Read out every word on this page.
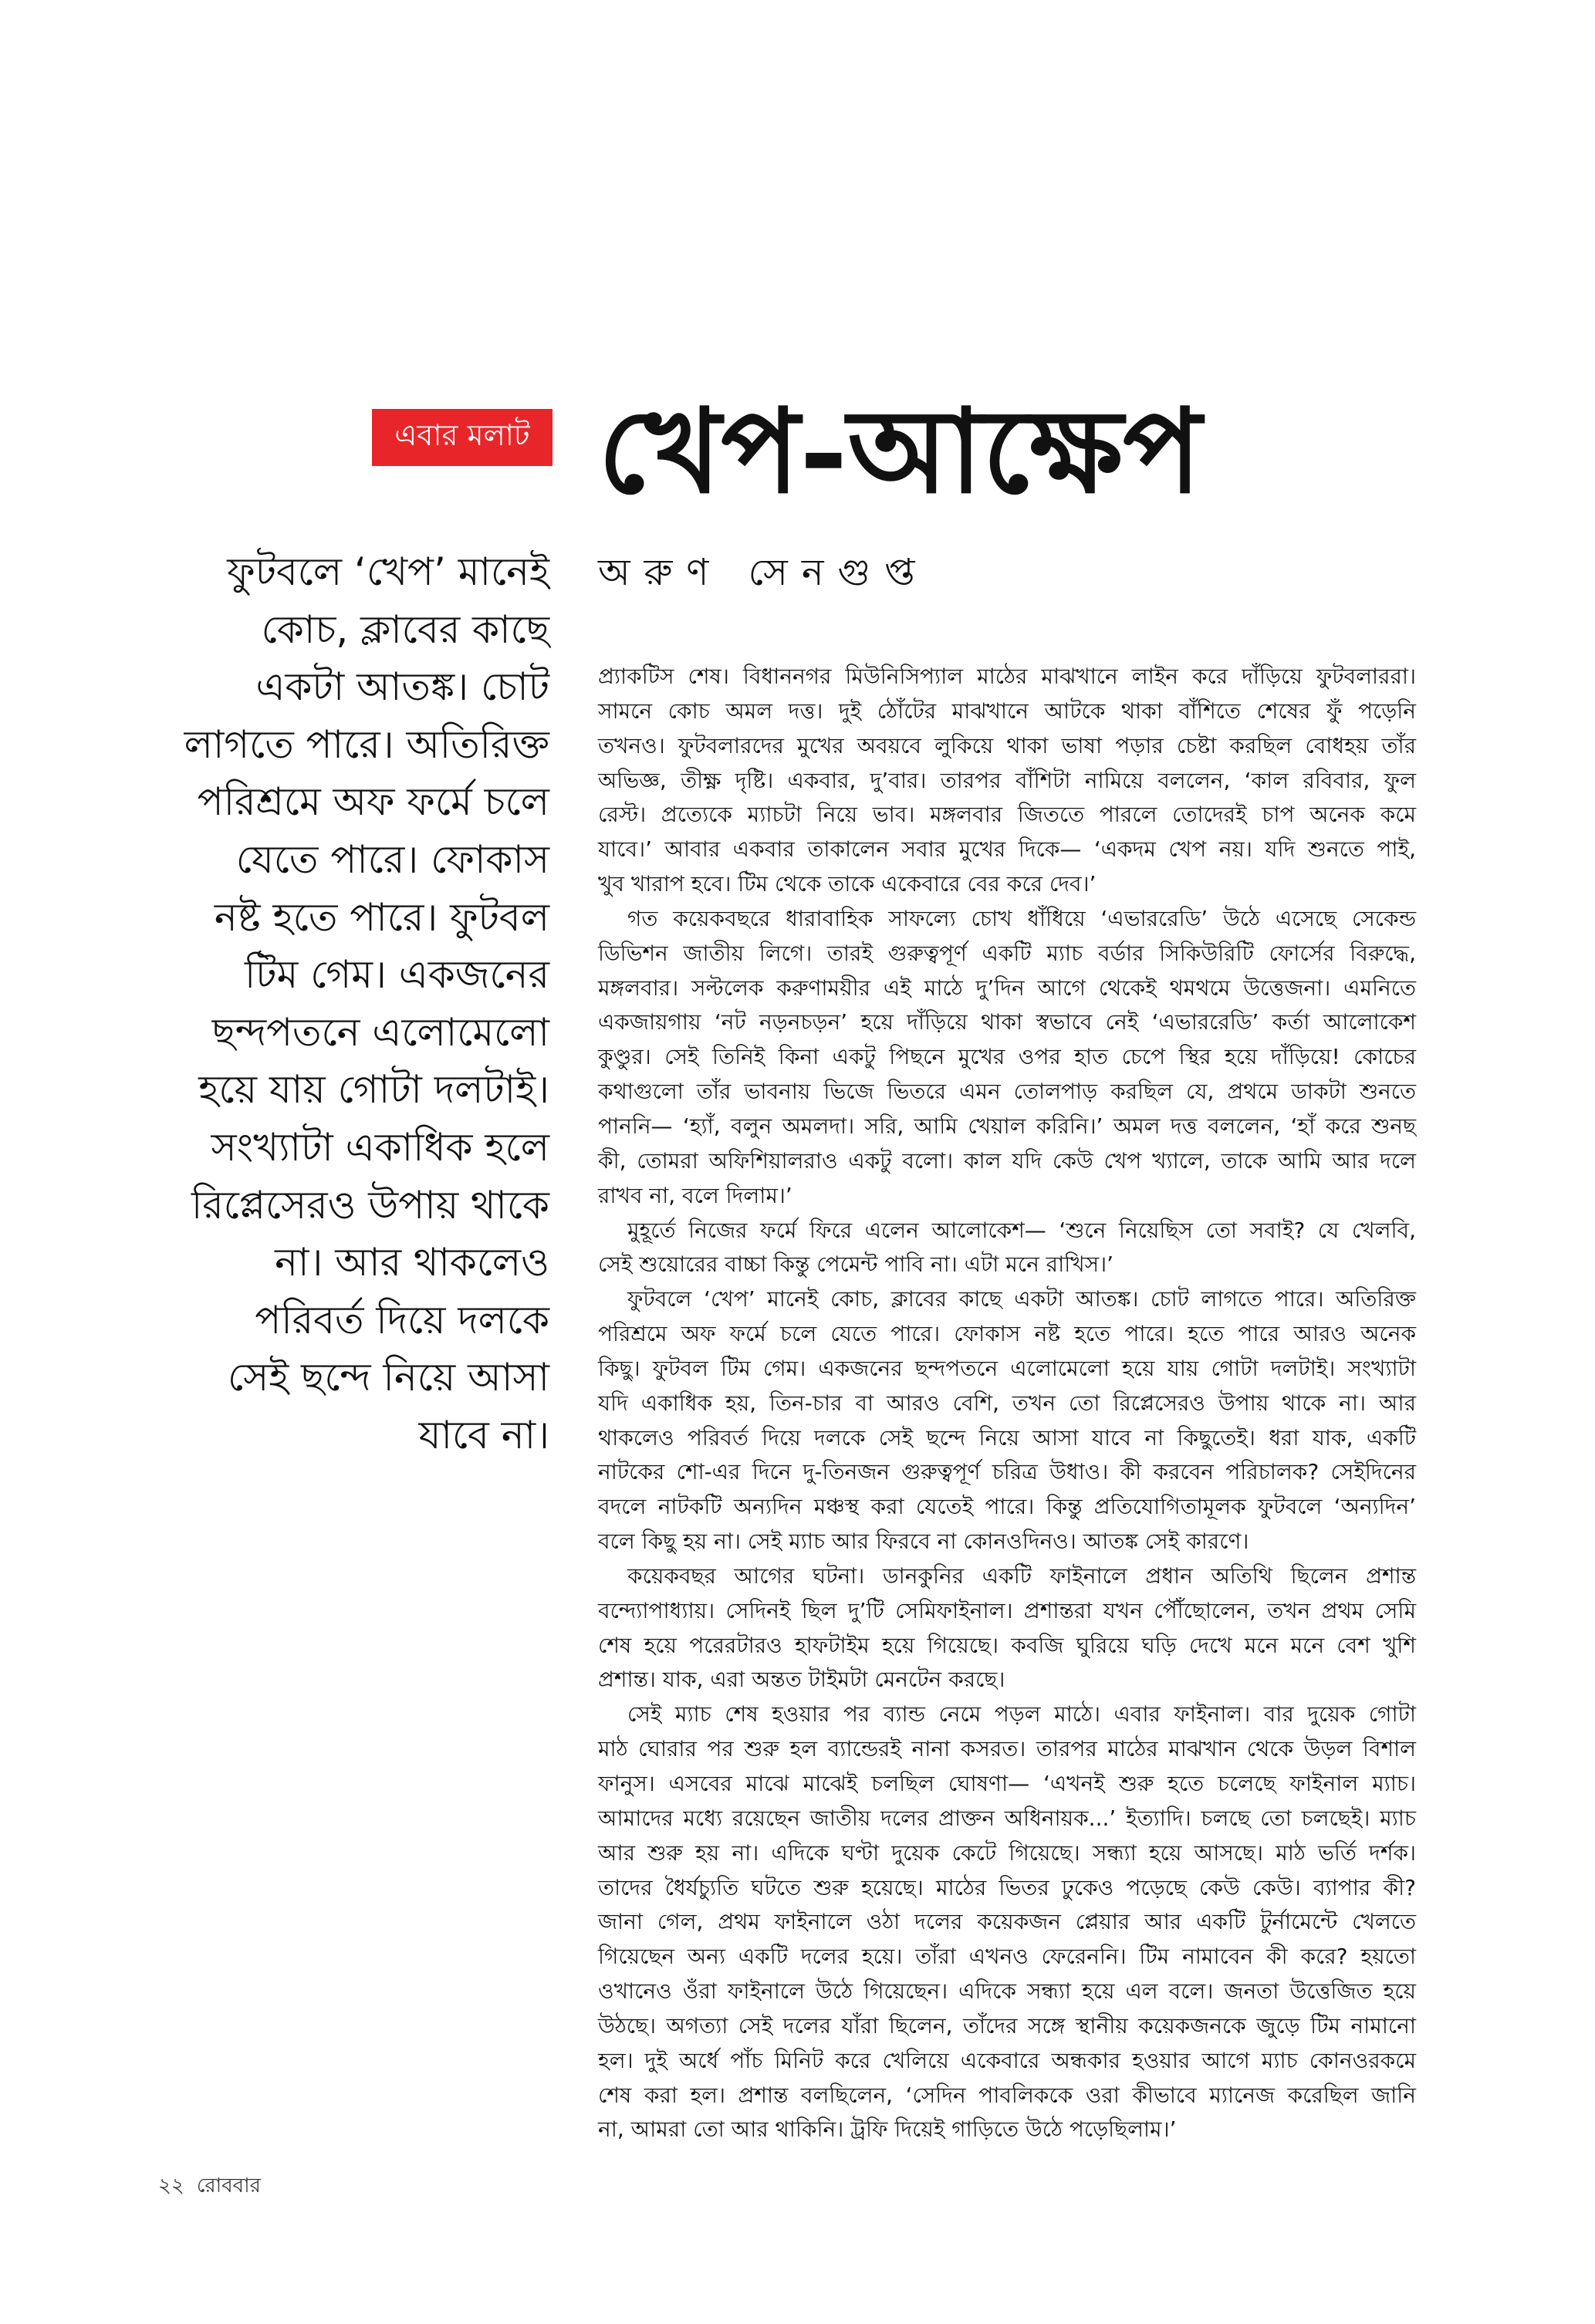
এবার মলাট খেপ-আক্ষেপ
অরুণ সেনগুপ্ত
ফুটবলে ‘খেপ’ মানেই
কোচ, ক্লাবের কাছে
একটা আতঙ্ক। চোট
লাগতে পারে। অতিরিক্ত
পরিশ্রমে অফ ফর্মে চলে
যেতে পারে। ফোকাস
নষ্ট হতে পারে। ফুটবল
টিম গেম। একজনের
ছন্দপতনে এলোমেলো
হয়ে যায় গোটা দলটাই।
সংখ্যাটা একাধিক হলে
রিপ্লেসেরও উপায় থাকে
না। আর থাকলেও
পরিবর্ত দিয়ে দলকে
সেই ছন্দে নিয়ে আসা
যাবে না।
প্র্যাকটিস শেষ। বিধাননগর মিউনিসিপ্যাল মাঠের মাঝখানে লাইন করে দাঁড়িয়ে ফুটবলাররা।
সামনে কোচ অমল দত্ত। দুই ঠোঁটের মাঝখানে আটকে থাকা বাঁশিতে শেষের ফুঁ পড়েনি
তখনও। ফুটবলারদের মুখের অবয়বে লুকিয়ে থাকা ভাষা পড়ার চেষ্টা করছিল বোধহয় তাঁর
অভিজ্ঞ, তীক্ষ্ণ দৃষ্টি। একবার, দু’বার। তারপর বাঁশিটা নামিয়ে বললেন, ‘কাল রবিবার, ফুল
রেস্ট। প্রত্যেকে ম্যাচটা নিয়ে ভাব। মঙ্গলবার জিততে পারলে তোদেরই চাপ অনেক কমে
যাবে।’ আবার একবার তাকালেন সবার মুখের দিকে— ‘একদম খেপ নয়। যদি শুনতে পাই,
খুব খারাপ হবে। টিম থেকে তাকে একেবারে বের করে দেব।’
গত কয়েকবছরে ধারাবাহিক সাফল্যে চোখ ধাঁধিয়ে ‘এভাররেডি’ উঠে এসেছে সেকেন্ড
ডিভিশন জাতীয় লিগে। তারই গুরুত্বপূর্ণ একটি ম্যাচ বর্ডার সিকিউরিটি ফোর্সের বিরুদ্ধে,
মঙ্গলবার। সল্টলেক করুণাময়ীর এই মাঠে দু’দিন আগে থেকেই থমথমে উত্তেজনা। এমনিতে
একজায়গায় ‘নট নড়নচড়ন’ হয়ে দাঁড়িয়ে থাকা স্বভাবে নেই ‘এভাররেডি’ কর্তা আলোকেশ
কুণ্ডুর। সেই তিনিই কিনা একটু পিছনে মুখের ওপর হাত চেপে স্থির হয়ে দাঁড়িয়ে! কোচের
কথাগুলো তাঁর ভাবনায় ভিজে ভিতরে এমন তোলপাড় করছিল যে, প্রথমে ডাকটা শুনতে
পাননি— ‘হ্যাঁ, বলুন অমলদা। সরি, আমি খেয়াল করিনি।’ অমল দত্ত বললেন, ‘হাঁ করে শুনছ
কী, তোমরা অফিশিয়ালরাও একটু বলো। কাল যদি কেউ খেপ খ্যালে, তাকে আমি আর দলে
রাখব না, বলে দিলাম।’
মুহূর্তে নিজের ফর্মে ফিরে এলেন আলোকেশ— ‘শুনে নিয়েছিস তো সবাই? যে খেলবি,
সেই শুয়োরের বাচ্চা কিন্তু পেমেন্ট পাবি না। এটা মনে রাখিস।’
ফুটবলে ‘খেপ’ মানেই কোচ, ক্লাবের কাছে একটা আতঙ্ক। চোট লাগতে পারে। অতিরিক্ত
পরিশ্রমে অফ ফর্মে চলে যেতে পারে। ফোকাস নষ্ট হতে পারে। হতে পারে আরও অনেক
কিছু। ফুটবল টিম গেম। একজনের ছন্দপতনে এলোমেলো হয়ে যায় গোটা দলটাই। সংখ্যাটা
যদি একাধিক হয়, তিন-চার বা আরও বেশি, তখন তো রিপ্লেসেরও উপায় থাকে না। আর
থাকলেও পরিবর্ত দিয়ে দলকে সেই ছন্দে নিয়ে আসা যাবে না কিছুতেই। ধরা যাক, একটি
নাটকের শো-এর দিনে দু-তিনজন গুরুত্বপূর্ণ চরিত্র উধাও। কী করবেন পরিচালক? সেইদিনের
বদলে নাটকটি অন্যদিন মঞ্চস্থ করা যেতেই পারে। কিন্তু প্রতিযোগিতামূলক ফুটবলে ‘অন্যদিন’
বলে কিছু হয় না। সেই ম্যাচ আর ফিরবে না কোনওদিনও। আতঙ্ক সেই কারণে।
কয়েকবছর আগের ঘটনা। ডানকুনির একটি ফাইনালে প্রধান অতিথি ছিলেন প্রশান্ত
বন্দ্যোপাধ্যায়। সেদিনই ছিল দু’টি সেমিফাইনাল। প্রশান্তরা যখন পৌঁছোলেন, তখন প্রথম সেমি
শেষ হয়ে পরেরটারও হাফটাইম হয়ে গিয়েছে। কবজি ঘুরিয়ে ঘড়ি দেখে মনে মনে বেশ খুশি
প্রশান্ত। যাক, এরা অন্তত টাইমটা মেনটেন করছে।
সেই ম্যাচ শেষ হওয়ার পর ব্যান্ড নেমে পড়ল মাঠে। এবার ফাইনাল। বার দুয়েক গোটা
মাঠ ঘোরার পর শুরু হল ব্যান্ডেরই নানা কসরত। তারপর মাঠের মাঝখান থেকে উড়ল বিশাল
ফানুস। এসবের মাঝে মাঝেই চলছিল ঘোষণা— ‘এখনই শুরু হতে চলেছে ফাইনাল ম্যাচ।
আমাদের মধ্যে রয়েছেন জাতীয় দলের প্রাক্তন অধিনায়ক...’ ইত্যাদি। চলছে তো চলছেই। ম্যাচ
আর শুরু হয় না। এদিকে ঘণ্টা দুয়েক কেটে গিয়েছে। সন্ধ্যা হয়ে আসছে। মাঠ ভর্তি দর্শক।
তাদের ধৈর্যচ্যুতি ঘটতে শুরু হয়েছে। মাঠের ভিতর ঢুকেও পড়েছে কেউ কেউ। ব্যাপার কী?
জানা গেল, প্রথম ফাইনালে ওঠা দলের কয়েকজন প্লেয়ার আর একটি টুর্নামেন্টে খেলতে
গিয়েছেন অন্য একটি দলের হয়ে। তাঁরা এখনও ফেরেননি। টিম নামাবেন কী করে? হয়তো
ওখানেও ওঁরা ফাইনালে উঠে গিয়েছেন। এদিকে সন্ধ্যা হয়ে এল বলে। জনতা উত্তেজিত হয়ে
উঠছে। অগত্যা সেই দলের যাঁরা ছিলেন, তাঁদের সঙ্গে স্থানীয় কয়েকজনকে জুড়ে টিম নামানো
হল। দুই অর্ধে পাঁচ মিনিট করে খেলিয়ে একেবারে অন্ধকার হওয়ার আগে ম্যাচ কোনওরকমে
শেষ করা হল। প্রশান্ত বলছিলেন, ‘সেদিন পাবলিককে ওরা কীভাবে ম্যানেজ করেছিল জানি
না, আমরা তো আর থাকিনি। ট্রফি দিয়েই গাড়িতে উঠে পড়েছিলাম।’
২২ রোববার
